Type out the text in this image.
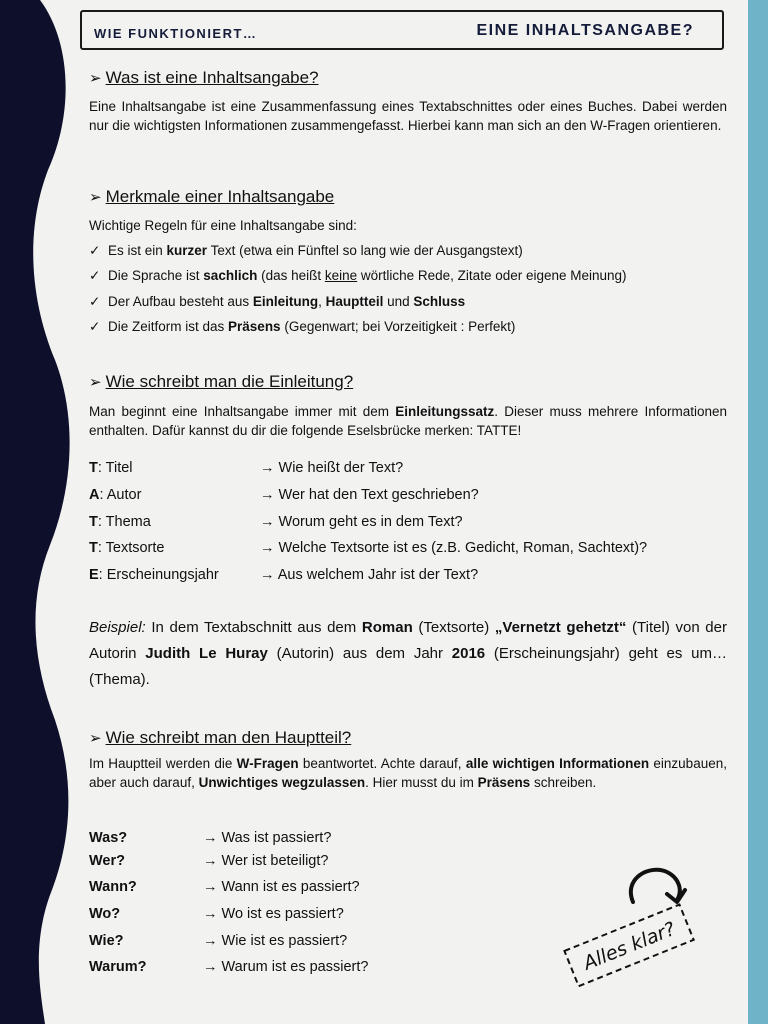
WIE FUNKTIONIERT…	EINE INHALTSANGABE?
➢ Was ist eine Inhaltsangabe?
Eine Inhaltsangabe ist eine Zusammenfassung eines Textabschnittes oder eines Buches. Dabei werden nur die wichtigsten Informationen zusammengefasst. Hierbei kann man sich an den W-Fragen orientieren.
➢ Merkmale einer Inhaltsangabe
Wichtige Regeln für eine Inhaltsangabe sind:
✓ Es ist ein kurzer Text (etwa ein Fünftel so lang wie der Ausgangstext)
✓ Die Sprache ist sachlich (das heißt keine wörtliche Rede, Zitate oder eigene Meinung)
✓ Der Aufbau besteht aus Einleitung, Hauptteil und Schluss
✓ Die Zeitform ist das Präsens (Gegenwart; bei Vorzeitigkeit : Perfekt)
➢ Wie schreibt man die Einleitung?
Man beginnt eine Inhaltsangabe immer mit dem Einleitungssatz. Dieser muss mehrere Informationen enthalten. Dafür kannst du dir die folgende Eselsbrücke merken: TATTE!
T: Titel	→ Wie heißt der Text?
A: Autor	→ Wer hat den Text geschrieben?
T: Thema	→ Worum geht es in dem Text?
T: Textsorte	→ Welche Textsorte ist es (z.B. Gedicht, Roman, Sachtext)?
E: Erscheinungsjahr	→ Aus welchem Jahr ist der Text?
Beispiel: In dem Textabschnitt aus dem Roman (Textsorte) „Vernetzt gehetzt“ (Titel) von der Autorin Judith Le Huray (Autorin) aus dem Jahr 2016 (Erscheinungsjahr) geht es um… (Thema).
➢ Wie schreibt man den Hauptteil?
Im Hauptteil werden die W-Fragen beantwortet. Achte darauf, alle wichtigen Informationen einzubauen, aber auch darauf, Unwichtiges wegzulassen. Hier musst du im Präsens schreiben.
Was?	→ Was ist passiert?
Wer?	→ Wer ist beteiligt?
Wann?	→ Wann ist es passiert?
Wo?	→ Wo ist es passiert?
Wie?	→ Wie ist es passiert?
Warum?	→ Warum ist es passiert?	Alles klar?
